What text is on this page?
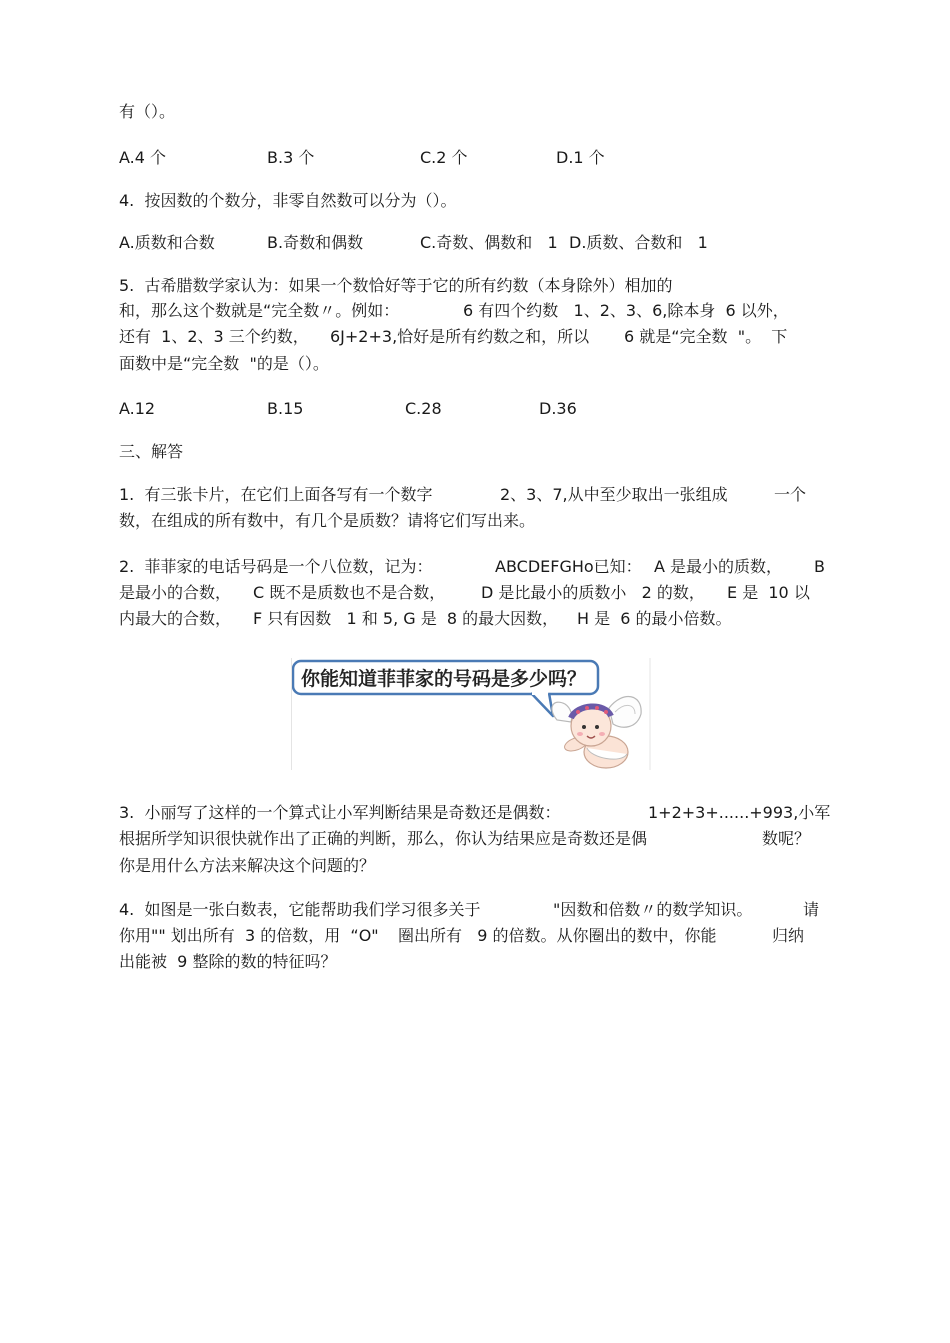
有（）。
A.4 个	B.3 个	C.2 个	D.1 个
4.  按因数的个数分，非零自然数可以分为（）。
A.质数和合数	B.奇数和偶数	C.奇数、偶数和   1 D.质数、合数和   1
5.  古希腊数学家认为：如果一个数恰好等于它的所有约数（本身除外）相加的
和，那么这个数就是“完全数〃。例如：	6 有四个约数   1、2、3、6,除本身  6 以外，
还有  1、2、3 三个约数， 6J+2+3,恰好是所有约数之和，所以 6 就是“完全数  "。  下
面数中是“完全数  "的是（）。
A.12	B.15	C.28	D.36
三、解答
1.  有三张卡片，在它们上面各写有一个数字	2、3、7,从中至少取出一张组成	一个
数，在组成的所有数中，有几个是质数？请将它们写出来。
2.  菲菲家的电话号码是一个八位数，记为：	ABCDEFGHo已知： A 是最小的质数， B
是最小的合数， C 既不是质数也不是合数， D 是比最小的质数小   2 的数， E 是  10 以
内最大的合数， F 只有因数   1 和 5, G 是  8 的最大因数， H 是  6 的最小倍数。
你能知道菲菲家的号码是多少吗？
3.  小丽写了这样的一个算式让小军判断结果是奇数还是偶数：	1+2+3+......+993,小军
根据所学知识很快就作出了正确的判断，那么，你认为结果应是奇数还是偶	数呢？
你是用什么方法来解决这个问题的？
4.  如图是一张白数表，它能帮助我们学习很多关于	"因数和倍数〃的数学知识。	请
你用"" 划出所有  3 的倍数，用  “O" 圈出所有   9 的倍数。从你圈出的数中，你能	归纳
出能被  9 整除的数的特征吗？
